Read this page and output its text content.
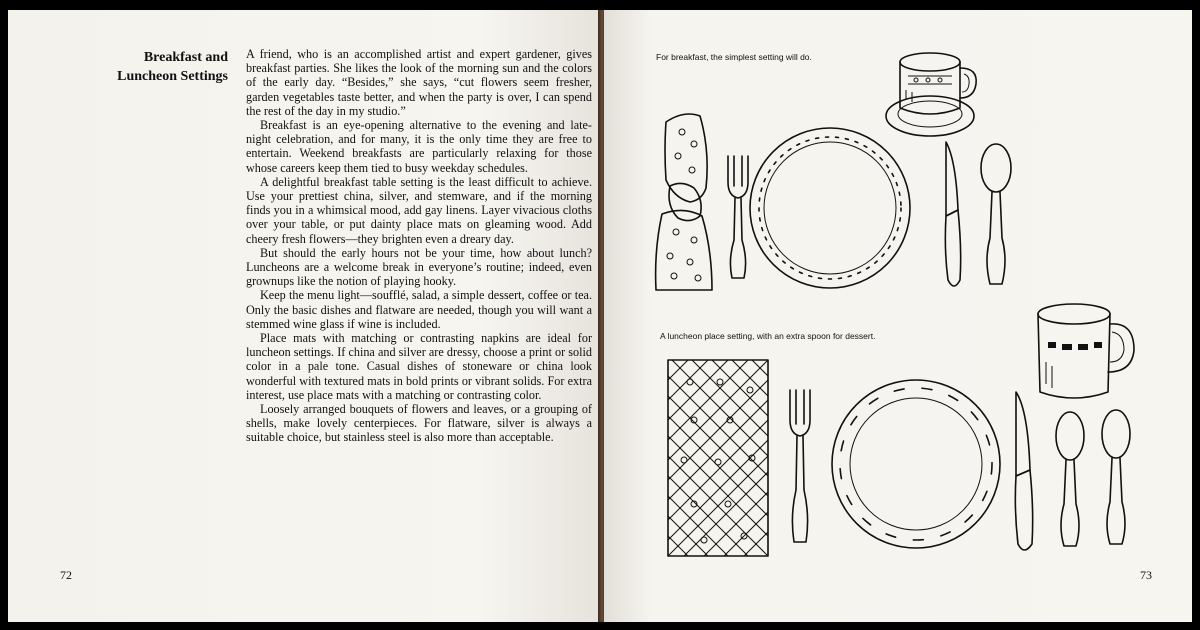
Breakfast and Luncheon Settings

A friend, who is an accomplished artist and expert gardener, gives breakfast parties. She likes the look of the morning sun and the colors of the early day. “Besides,” she says, “cut flowers seem fresher, garden vegetables taste better, and when the party is over, I can spend the rest of the day in my studio.”

Breakfast is an eye-opening alternative to the evening and late-night celebration, and for many, it is the only time they are free to entertain. Weekend breakfasts are particularly relaxing for those whose careers keep them tied to busy weekday schedules.

A delightful breakfast table setting is the least difficult to achieve. Use your prettiest china, silver, and stemware, and if the morning finds you in a whimsical mood, add gay linens. Layer vivacious cloths over your table, or put dainty place mats on gleaming wood. Add cheery fresh flowers—they brighten even a dreary day.

But should the early hours not be your time, how about lunch? Luncheons are a welcome break in everyone’s routine; indeed, even grownups like the notion of playing hooky.

Keep the menu light—soufflé, salad, a simple dessert, coffee or tea. Only the basic dishes and flatware are needed, though you will want a stemmed wine glass if wine is included.

Place mats with matching or contrasting napkins are ideal for luncheon settings. If china and silver are dressy, choose a print or solid color in a pale tone. Casual dishes of stoneware or china look wonderful with textured mats in bold prints or vibrant solids. For extra interest, use place mats with a matching or contrasting color.

Loosely arranged bouquets of flowers and leaves, or a grouping of shells, make lovely centerpieces. For flatware, silver is always a suitable choice, but stainless steel is also more than acceptable.

72
For breakfast, the simplest setting will do.
A luncheon place setting, with an extra spoon for dessert.
73
